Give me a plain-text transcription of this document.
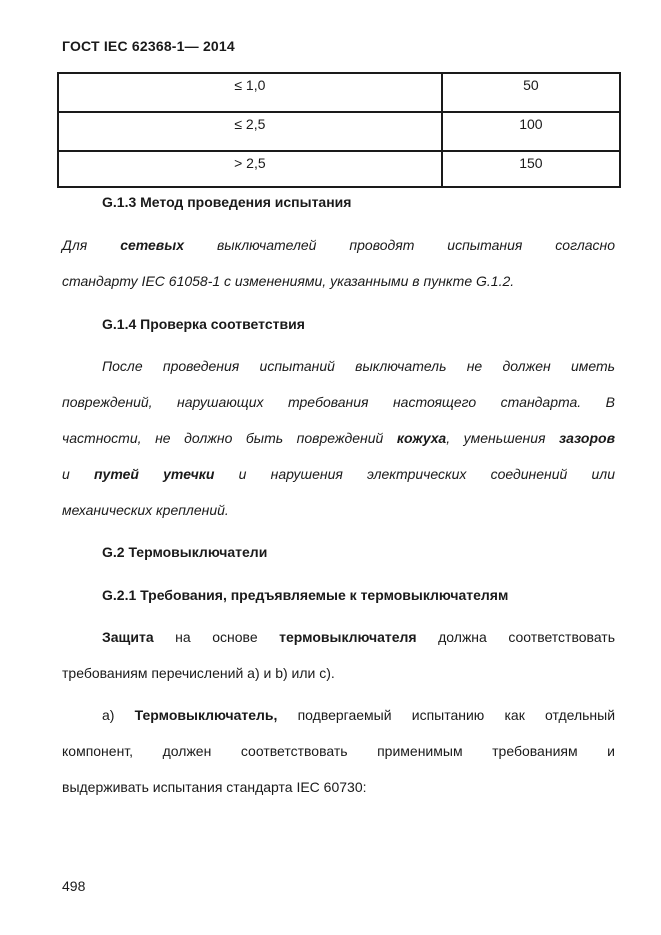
ГОСТ IEC 62368-1— 2014
≤ 1,0	50
≤ 2,5	100
> 2,5	150
G.1.3 Метод проведения испытания
Для сетевых выключателей проводят испытания согласно
стандарту IEC 61058-1 с изменениями, указанными в пункте G.1.2.
G.1.4 Проверка соответствия
После проведения испытаний выключатель не должен иметь
повреждений, нарушающих требования настоящего стандарта. В
частности, не должно быть повреждений кожуха, уменьшения зазоров
и путей утечки и нарушения электрических соединений или
механических креплений.
G.2 Термовыключатели
G.2.1 Требования, предъявляемые к термовыключателям
Защита на основе термовыключателя должна соответствовать
требованиям перечислений a) и b) или c).
a) Термовыключатель, подвергаемый испытанию как отдельный
компонент, должен соответствовать применимым требованиям и
выдерживать испытания стандарта IEC 60730:
498
